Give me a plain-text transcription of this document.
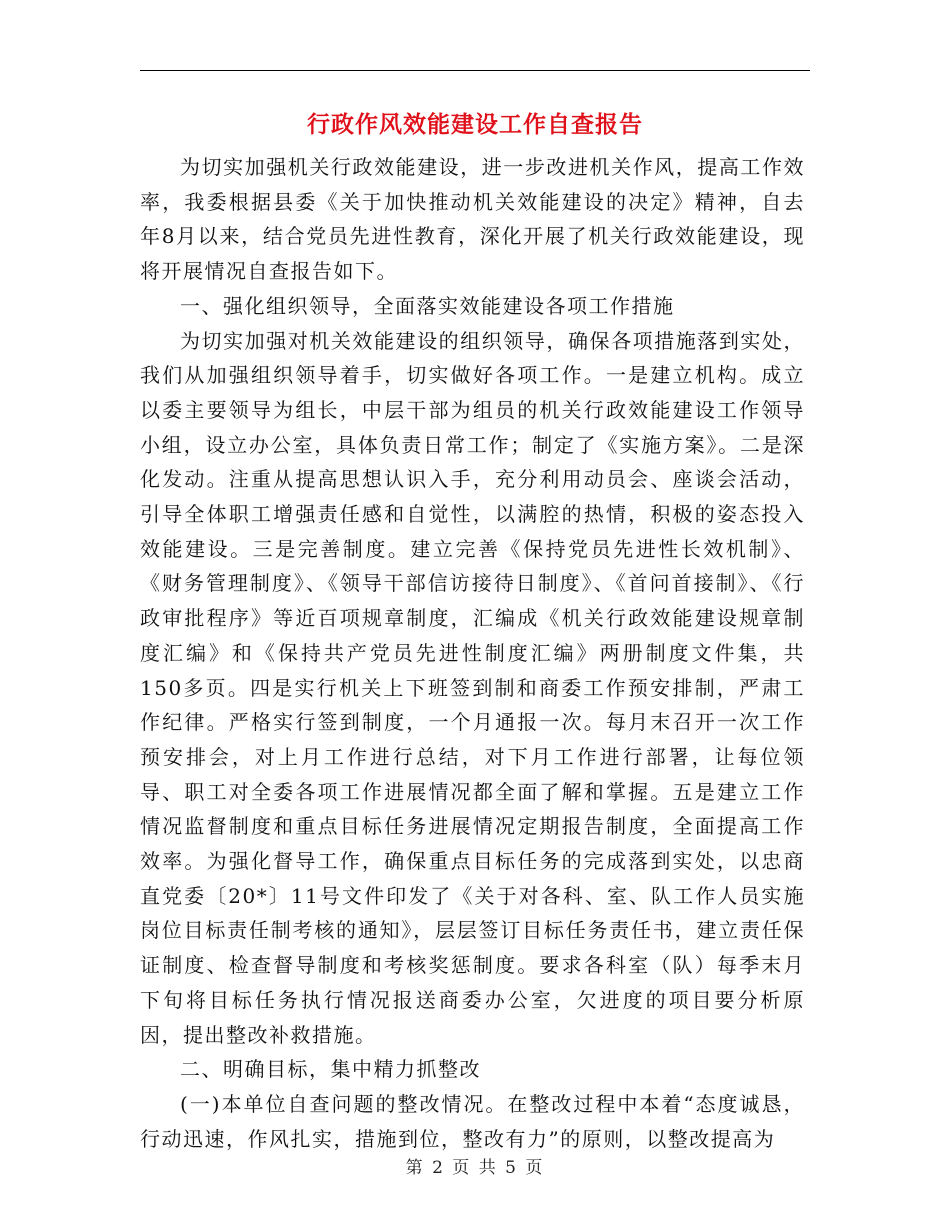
行政作风效能建设工作自查报告

为切实加强机关行政效能建设，进一步改进机关作风，提高工作效率，我委根据县委《关于加快推动机关效能建设的决定》精神，自去年8月以来，结合党员先进性教育，深化开展了机关行政效能建设，现将开展情况自查报告如下。

一、强化组织领导，全面落实效能建设各项工作措施

为切实加强对机关效能建设的组织领导，确保各项措施落到实处，我们从加强组织领导着手，切实做好各项工作。一是建立机构。成立以委主要领导为组长，中层干部为组员的机关行政效能建设工作领导小组，设立办公室，具体负责日常工作；制定了《实施方案》。二是深化发动。注重从提高思想认识入手，充分利用动员会、座谈会活动，引导全体职工增强责任感和自觉性，以满腔的热情，积极的姿态投入效能建设。三是完善制度。建立完善《保持党员先进性长效机制》、《财务管理制度》、《领导干部信访接待日制度》、《首问首接制》、《行政审批程序》等近百项规章制度，汇编成《机关行政效能建设规章制度汇编》和《保持共产党员先进性制度汇编》两册制度文件集，共150多页。四是实行机关上下班签到制和商委工作预安排制，严肃工作纪律。严格实行签到制度，一个月通报一次。每月末召开一次工作预安排会，对上月工作进行总结，对下月工作进行部署，让每位领导、职工对全委各项工作进展情况都全面了解和掌握。五是建立工作情况监督制度和重点目标任务进展情况定期报告制度，全面提高工作效率。为强化督导工作，确保重点目标任务的完成落到实处，以忠商直党委〔20*〕11号文件印发了《关于对各科、室、队工作人员实施岗位目标责任制考核的通知》，层层签订目标任务责任书，建立责任保证制度、检查督导制度和考核奖惩制度。要求各科室（队）每季末月下旬将目标任务执行情况报送商委办公室，欠进度的项目要分析原因，提出整改补救措施。

二、明确目标，集中精力抓整改

(一)本单位自查问题的整改情况。在整改过程中本着“态度诚恳，行动迅速，作风扎实，措施到位，整改有力”的原则，以整改提高为

第 2 页 共 5 页
